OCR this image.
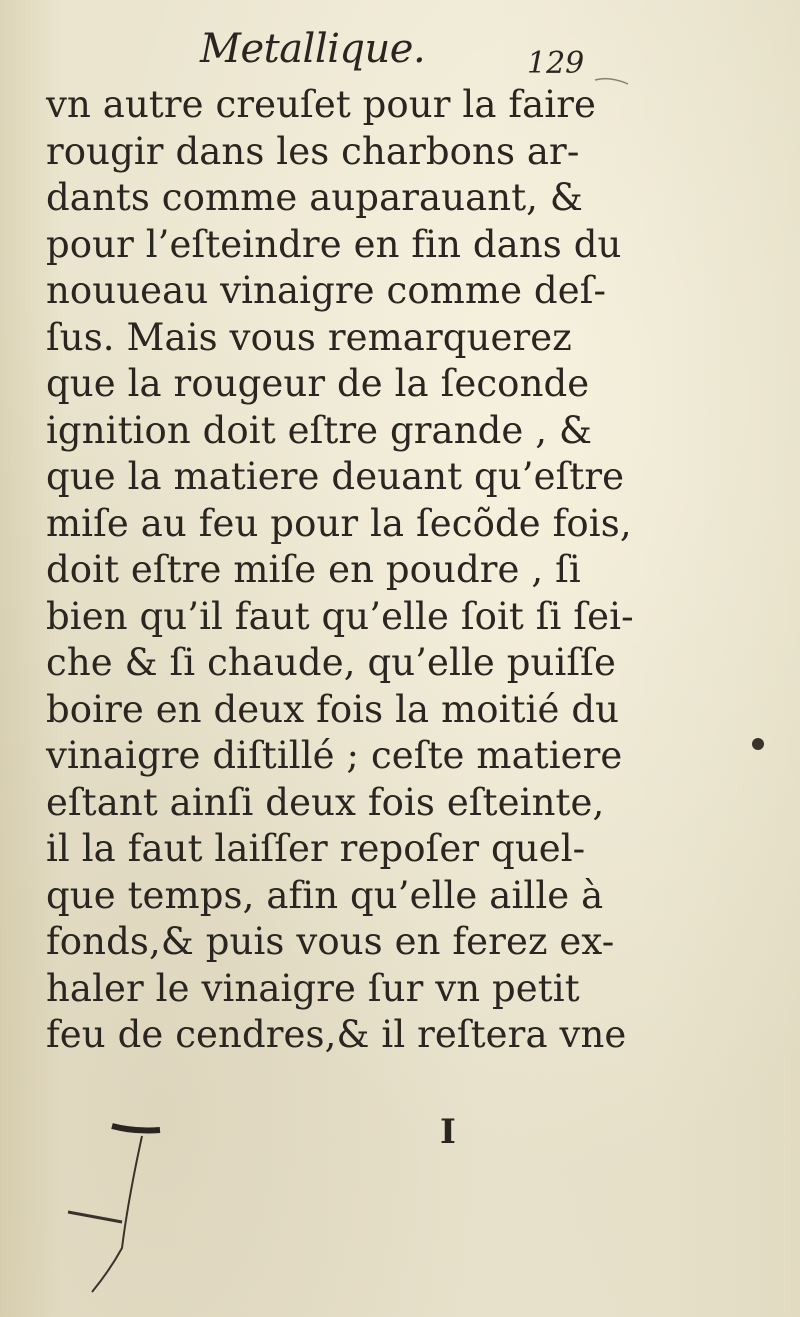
Metallique.	129
vn autre creuſet pour la faire
rougir dans les charbons ar-
dants comme auparauant, &
pour l’eſteindre en fin dans du
nouueau vinaigre comme deſ-
ſus. Mais vous remarquerez
que la rougeur de la ſeconde
ignition doit eſtre grande , &
que la matiere deuant qu’eſtre
miſe au feu pour la ſecõde fois,
doit eſtre miſe en poudre , ſi
bien qu’il faut qu’elle ſoit ſi ſei-
che & ſi chaude, qu’elle puiſſe
boire en deux fois la moitié du
vinaigre diſtillé ; ceſte matiere
eſtant ainſi deux fois eſteinte,
il la faut laiſſer repoſer quel-
que temps, afin qu’elle aille à
fonds,& puis vous en ferez ex-
haler le vinaigre ſur vn petit
feu de cendres,& il reſtera vne
I
